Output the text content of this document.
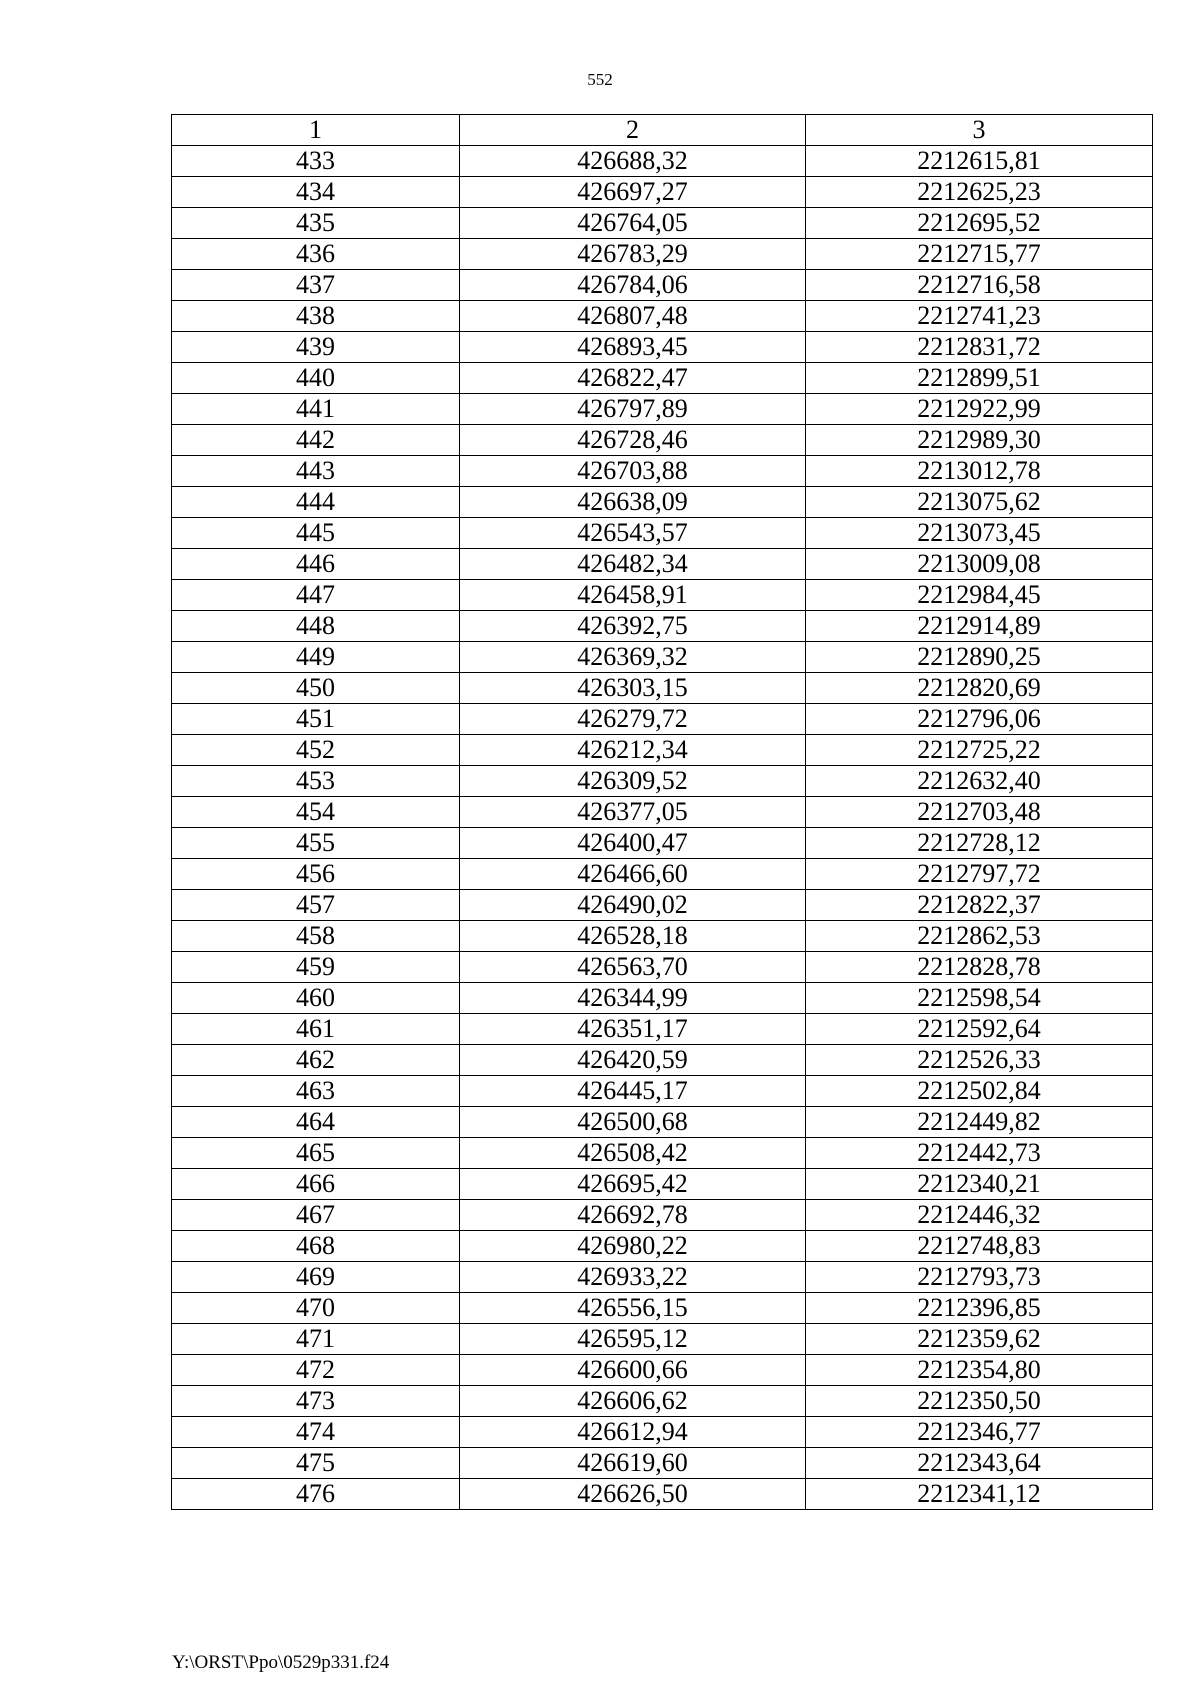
552
1	2	3
433	426688,32	2212615,81
434	426697,27	2212625,23
435	426764,05	2212695,52
436	426783,29	2212715,77
437	426784,06	2212716,58
438	426807,48	2212741,23
439	426893,45	2212831,72
440	426822,47	2212899,51
441	426797,89	2212922,99
442	426728,46	2212989,30
443	426703,88	2213012,78
444	426638,09	2213075,62
445	426543,57	2213073,45
446	426482,34	2213009,08
447	426458,91	2212984,45
448	426392,75	2212914,89
449	426369,32	2212890,25
450	426303,15	2212820,69
451	426279,72	2212796,06
452	426212,34	2212725,22
453	426309,52	2212632,40
454	426377,05	2212703,48
455	426400,47	2212728,12
456	426466,60	2212797,72
457	426490,02	2212822,37
458	426528,18	2212862,53
459	426563,70	2212828,78
460	426344,99	2212598,54
461	426351,17	2212592,64
462	426420,59	2212526,33
463	426445,17	2212502,84
464	426500,68	2212449,82
465	426508,42	2212442,73
466	426695,42	2212340,21
467	426692,78	2212446,32
468	426980,22	2212748,83
469	426933,22	2212793,73
470	426556,15	2212396,85
471	426595,12	2212359,62
472	426600,66	2212354,80
473	426606,62	2212350,50
474	426612,94	2212346,77
475	426619,60	2212343,64
476	426626,50	2212341,12
Y:\ORST\Ppo\0529p331.f24
